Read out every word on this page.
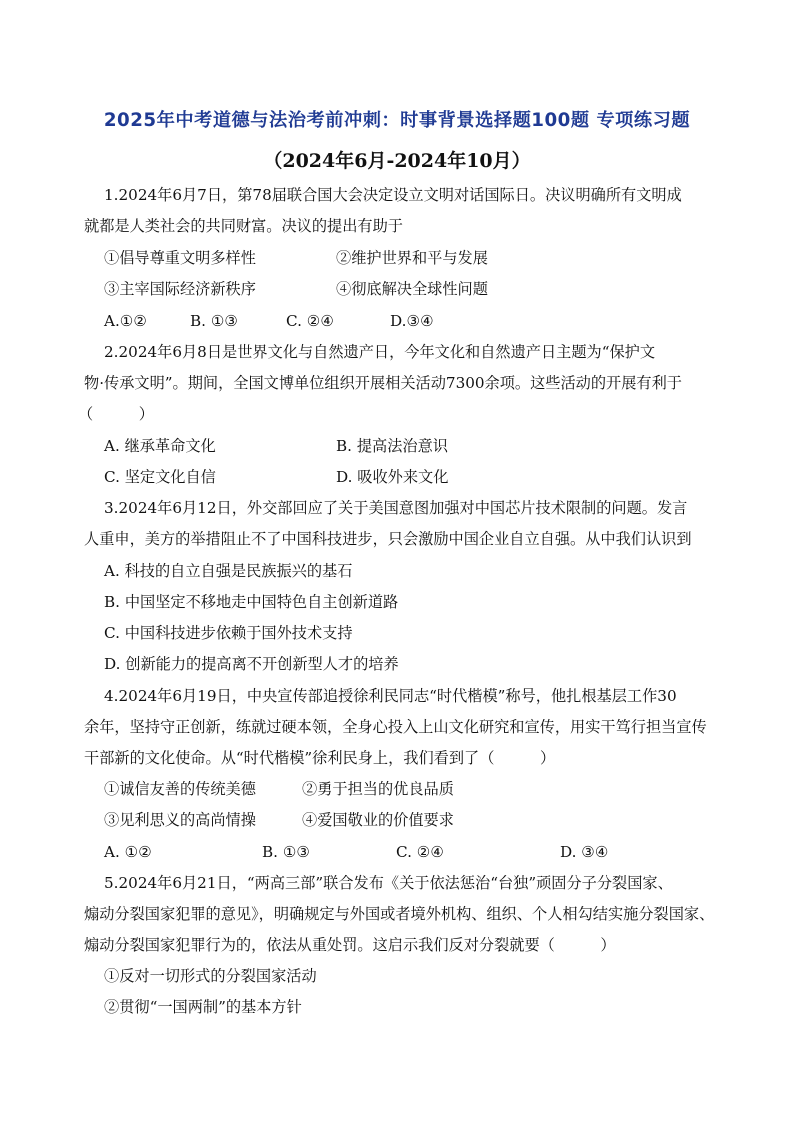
2025年中考道德与法治考前冲刺：时事背景选择题100题 专项练习题
（2024年6月-2024年10月）
1.2024年6月7日，第78届联合国大会决定设立文明对话国际日。决议明确所有文明成
就都是人类社会的共同财富。决议的提出有助于
①倡导尊重文明多样性	②维护世界和平与发展
③主宰国际经济新秩序	④彻底解决全球性问题
A.①②	B. ①③	C. ②④	D.③④
2.2024年6月8日是世界文化与自然遗产日，今年文化和自然遗产日主题为“保护文
物·传承文明”。期间，全国文博单位组织开展相关活动7300余项。这些活动的开展有利于
（　　　）
A. 继承革命文化	B. 提高法治意识
C. 坚定文化自信	D. 吸收外来文化
3.2024年6月12日，外交部回应了关于美国意图加强对中国芯片技术限制的问题。发言
人重申，美方的举措阻止不了中国科技进步，只会激励中国企业自立自强。从中我们认识到
A. 科技的自立自强是民族振兴的基石
B. 中国坚定不移地走中国特色自主创新道路
C. 中国科技进步依赖于国外技术支持
D. 创新能力的提高离不开创新型人才的培养
4.2024年6月19日，中央宣传部追授徐利民同志“时代楷模”称号，他扎根基层工作30
余年，坚持守正创新，练就过硬本领，全身心投入上山文化研究和宣传，用实干笃行担当宣传
干部新的文化使命。从“时代楷模”徐利民身上，我们看到了（　　　）
①诚信友善的传统美德	②勇于担当的优良品质
③见利思义的高尚情操	④爱国敬业的价值要求
A. ①②	B. ①③	C. ②④	D. ③④
5.2024年6月21日，“两高三部”联合发布《关于依法惩治“台独”顽固分子分裂国家、
煽动分裂国家犯罪的意见》，明确规定与外国或者境外机构、组织、个人相勾结实施分裂国家、
煽动分裂国家犯罪行为的，依法从重处罚。这启示我们反对分裂就要（　　　）
①反对一切形式的分裂国家活动
②贯彻“一国两制”的基本方针
